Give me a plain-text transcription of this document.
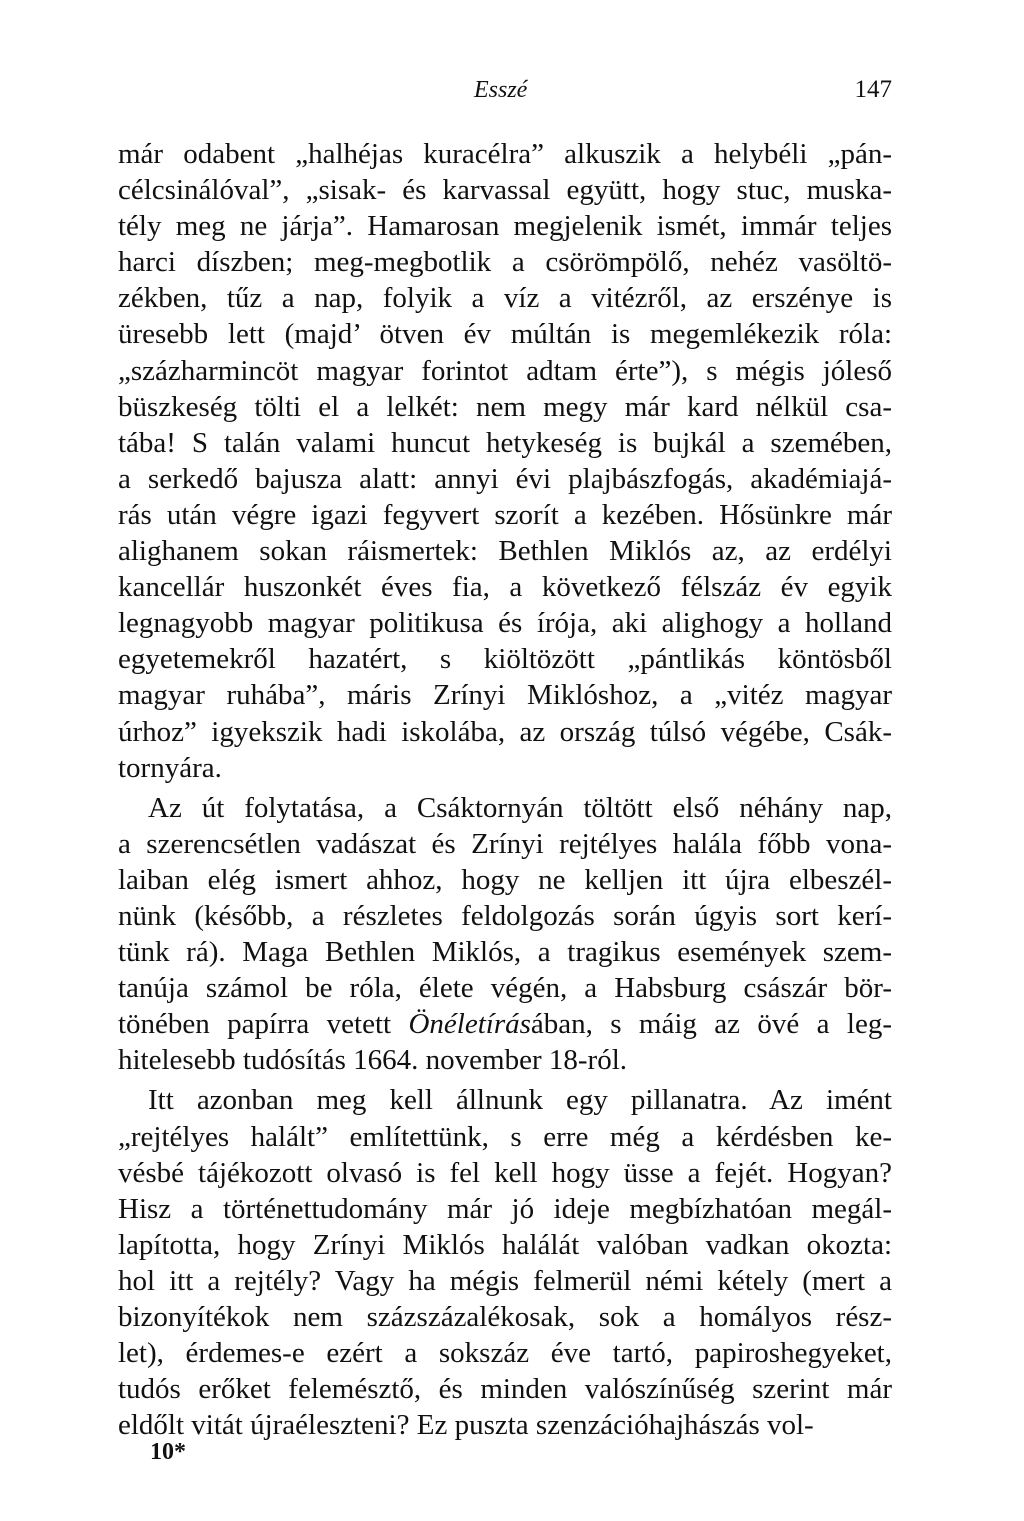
Esszé	147

már odabent „halhéjas kuracélra” alkuszik a helybéli „pán-
célcsinálóval”, „sisak- és karvassal együtt, hogy stuc, muska-
tély meg ne járja”. Hamarosan megjelenik ismét, immár teljes
harci díszben; meg-megbotlik a csörömpölő, nehéz vasöltö-
zékben, tűz a nap, folyik a víz a vitézről, az erszénye is
üresebb lett (majd’ ötven év múltán is megemlékezik róla:
„százharmincöt magyar forintot adtam érte”), s mégis jóleső
büszkeség tölti el a lelkét: nem megy már kard nélkül csa-
tába! S talán valami huncut hetykeség is bujkál a szemében,
a serkedő bajusza alatt: annyi évi plajbászfogás, akadémiajá-
rás után végre igazi fegyvert szorít a kezében. Hősünkre már
alighanem sokan ráismertek: Bethlen Miklós az, az erdélyi
kancellár huszonkét éves fia, a következő félszáz év egyik
legnagyobb magyar politikusa és írója, aki alighogy a holland
egyetemekről hazatért, s kiöltözött „pántlikás köntösből
magyar ruhába”, máris Zrínyi Miklóshoz, a „vitéz magyar
úrhoz” igyekszik hadi iskolába, az ország túlsó végébe, Csák-
tornyára.

Az út folytatása, a Csáktornyán töltött első néhány nap,
a szerencsétlen vadászat és Zrínyi rejtélyes halála főbb vona-
laiban elég ismert ahhoz, hogy ne kelljen itt újra elbeszél-
nünk (később, a részletes feldolgozás során úgyis sort kerí-
tünk rá). Maga Bethlen Miklós, a tragikus események szem-
tanúja számol be róla, élete végén, a Habsburg császár bör-
tönében papírra vetett Önéletírásában, s máig az övé a leg-
hitelesebb tudósítás 1664. november 18-ról.

Itt azonban meg kell állnunk egy pillanatra. Az imént
„rejtélyes halált” említettünk, s erre még a kérdésben ke-
vésbé tájékozott olvasó is fel kell hogy üsse a fejét. Hogyan?
Hisz a történettudomány már jó ideje megbízhatóan megál-
lapította, hogy Zrínyi Miklós halálát valóban vadkan okozta:
hol itt a rejtély? Vagy ha mégis felmerül némi kétely (mert a
bizonyítékok nem százszázalékosak, sok a homályos rész-
let), érdemes-e ezért a sokszáz éve tartó, papiroshegyeket,
tudós erőket felemésztő, és minden valószínűség szerint már
eldőlt vitát újraéleszteni? Ez puszta szenzációhajhászás vol-

10*
